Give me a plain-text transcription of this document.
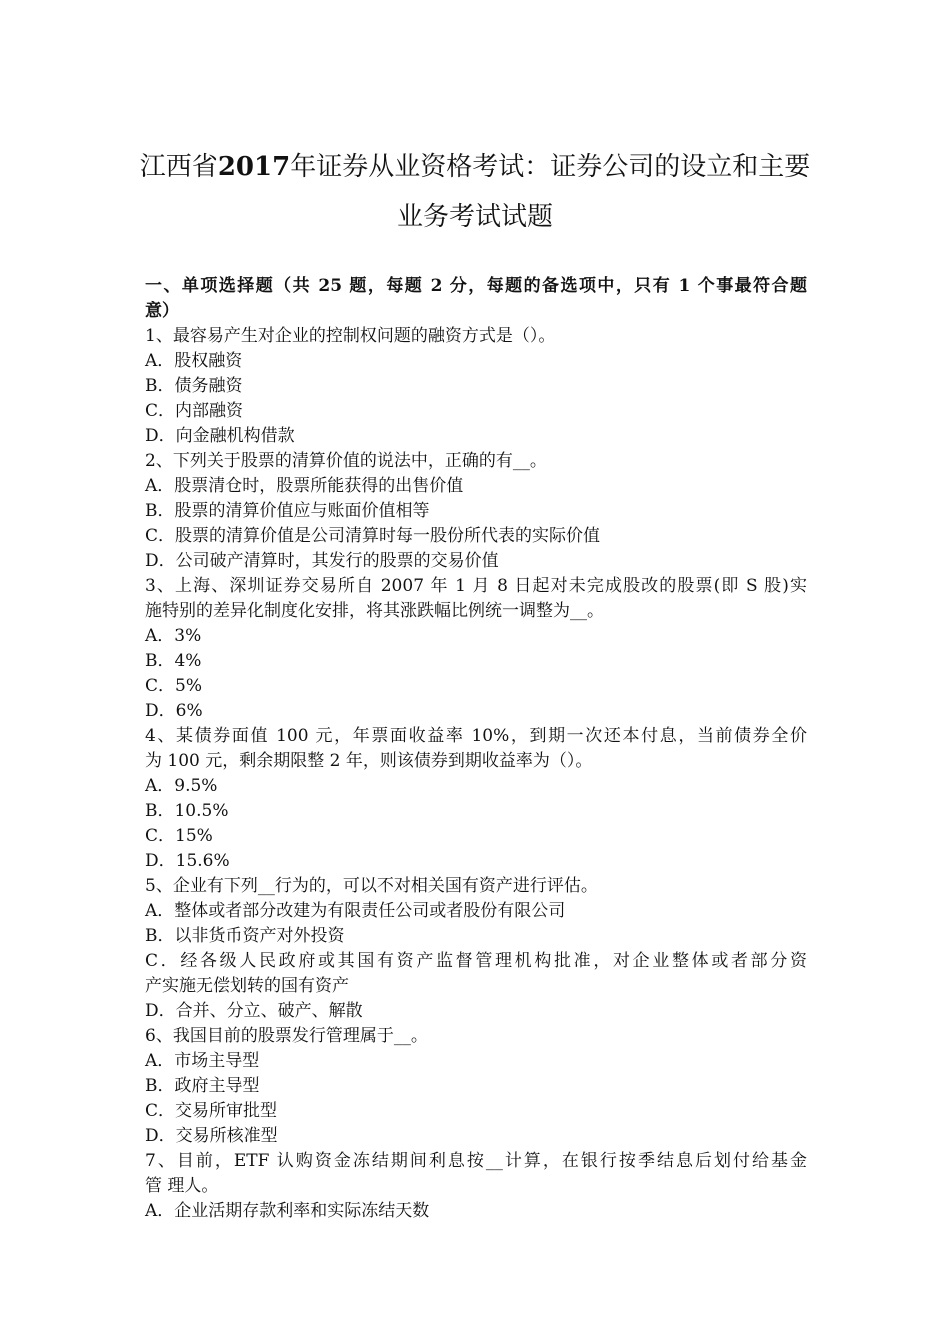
江西省2017年证券从业资格考试：证券公司的设立和主要
业务考试试题
一、单项选择题（共 25 题，每题 2 分，每题的备选项中，只有 1 个事最符合题
意）
1、最容易产生对企业的控制权问题的融资方式是（）。
A．股权融资
B．债务融资
C．内部融资
D．向金融机构借款
2、下列关于股票的清算价值的说法中，正确的有__。
A．股票清仓时，股票所能获得的出售价值
B．股票的清算价值应与账面价值相等
C．股票的清算价值是公司清算时每一股份所代表的实际价值
D．公司破产清算时，其发行的股票的交易价值
3、上海、深圳证券交易所自 2007 年 1 月 8 日起对未完成股改的股票(即 S 股)实
施特别的差异化制度化安排，将其涨跌幅比例统一调整为__。
A．3%
B．4%
C．5%
D．6%
4、某债券面值 100 元，年票面收益率 10%，到期一次还本付息，当前债券全价
为 100 元，剩余期限整 2 年，则该债券到期收益率为（）。
A．9.5%
B．10.5%
C．15%
D．15.6%
5、企业有下列__行为的，可以不对相关国有资产进行评估。
A．整体或者部分改建为有限责任公司或者股份有限公司
B．以非货币资产对外投资
C．经各级人民政府或其国有资产监督管理机构批准，对企业整体或者部分资
产实施无偿划转的国有资产
D．合并、分立、破产、解散
6、我国目前的股票发行管理属于__。
A．市场主导型
B．政府主导型
C．交易所审批型
D．交易所核准型
7、目前，ETF 认购资金冻结期间利息按__计算，在银行按季结息后划付给基金
管 理人。
A．企业活期存款利率和实际冻结天数
